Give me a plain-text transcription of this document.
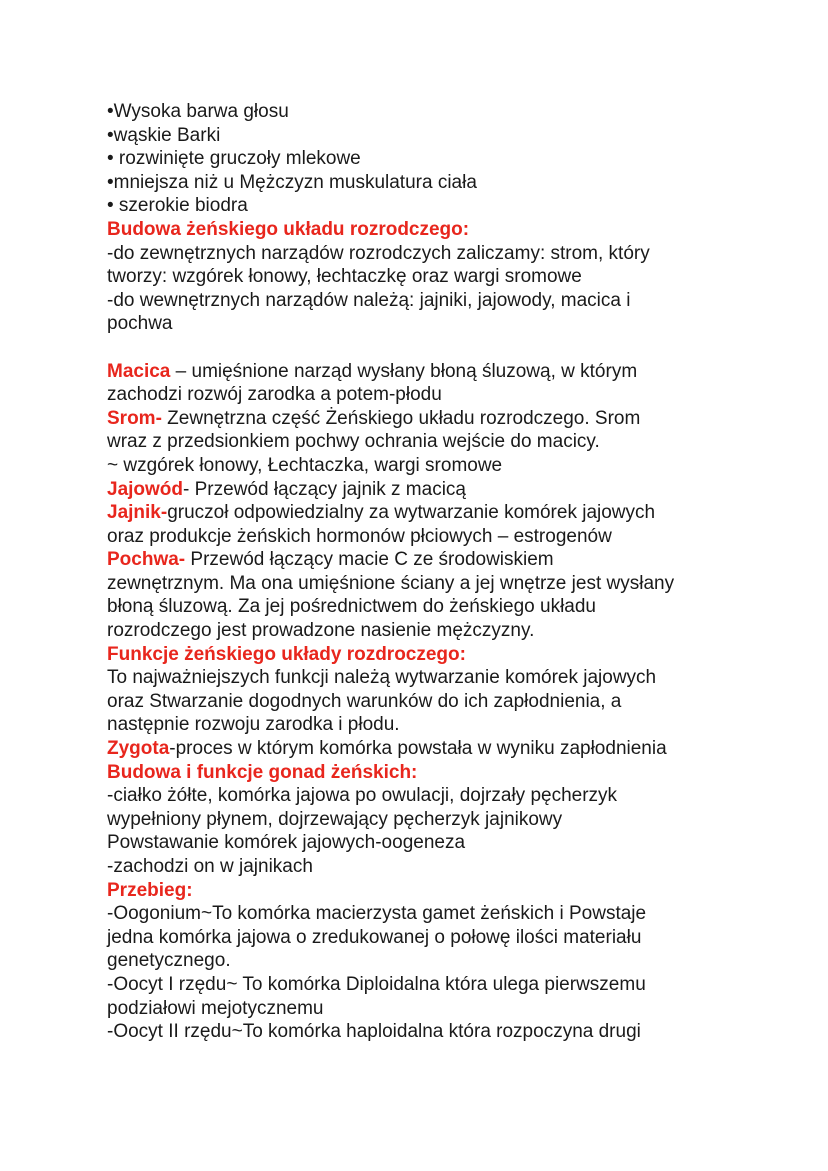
•Wysoka barwa głosu
•wąskie Barki
• rozwinięte gruczoły mlekowe
•mniejsza niż u Mężczyzn muskulatura ciała
• szerokie biodra
Budowa żeńskiego układu rozrodczego:
-do zewnętrznych narządów rozrodczych zaliczamy: strom, który
tworzy: wzgórek łonowy, łechtaczkę oraz wargi sromowe
-do wewnętrznych narządów należą: jajniki, jajowody, macica i
pochwa
Macica – umięśnione narząd wysłany błoną śluzową, w którym
zachodzi rozwój zarodka a potem-płodu
Srom- Zewnętrzna część Żeńskiego układu rozrodczego. Srom
wraz z przedsionkiem pochwy ochrania wejście do macicy.
~ wzgórek łonowy, Łechtaczka, wargi sromowe
Jajowód- Przewód łączący jajnik z macicą
Jajnik-gruczoł odpowiedzialny za wytwarzanie komórek jajowych
oraz produkcje żeńskich hormonów płciowych – estrogenów
Pochwa- Przewód łączący macie C ze środowiskiem
zewnętrznym. Ma ona umięśnione ściany a jej wnętrze jest wysłany
błoną śluzową. Za jej pośrednictwem do żeńskiego układu
rozrodczego jest prowadzone nasienie mężczyzny.
Funkcje żeńskiego układy rozdroczego:
To najważniejszych funkcji należą wytwarzanie komórek jajowych
oraz Stwarzanie dogodnych warunków do ich zapłodnienia, a
następnie rozwoju zarodka i płodu.
Zygota-proces w którym komórka powstała w wyniku zapłodnienia
Budowa i funkcje gonad żeńskich:
-ciałko żółte, komórka jajowa po owulacji, dojrzały pęcherzyk
wypełniony płynem, dojrzewający pęcherzyk jajnikowy
Powstawanie komórek jajowych-oogeneza
-zachodzi on w jajnikach
Przebieg:
-Oogonium~To komórka macierzysta gamet żeńskich i Powstaje
jedna komórka jajowa o zredukowanej o połowę ilości materiału
genetycznego.
-Oocyt I rzędu~ To komórka Diploidalna która ulega pierwszemu
podziałowi mejotycznemu
-Oocyt II rzędu~To komórka haploidalna która rozpoczyna drugi
